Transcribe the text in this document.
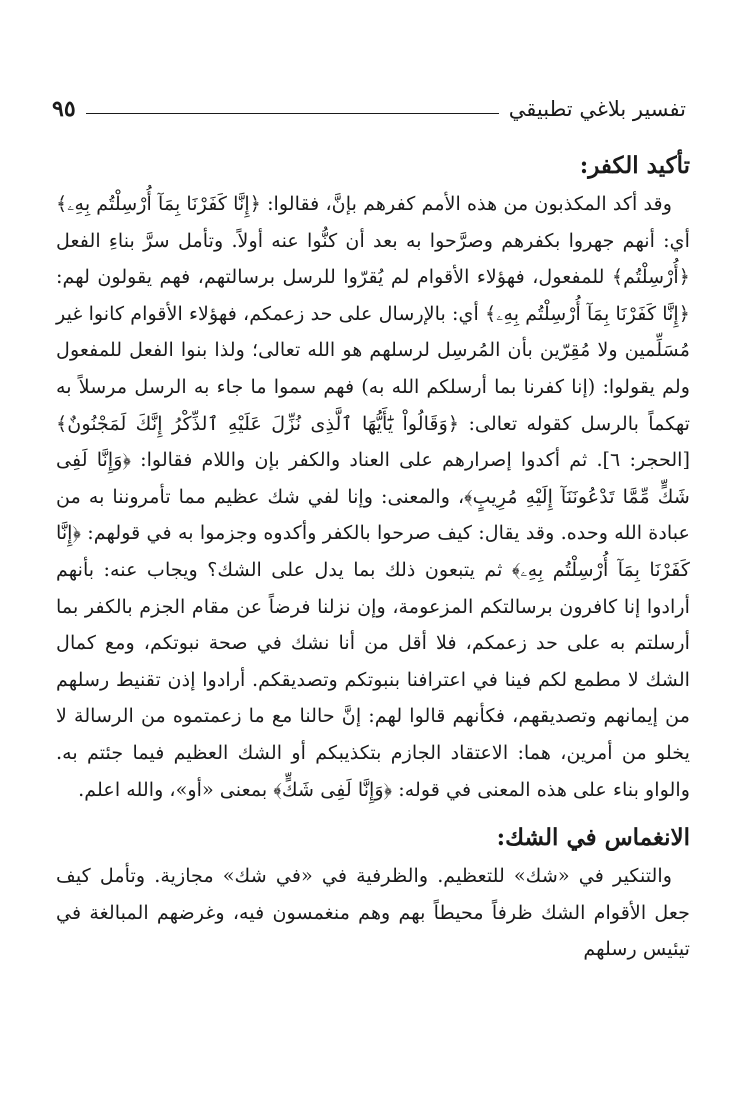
تفسير بلاغي تطبيقي
٩٥
تأكيد الكفر:

وقد أكد المكذبون من هذه الأمم كفرهم بإنَّ، فقالوا: ﴿إِنَّا كَفَرْنَا بِمَآ أُرْسِلْتُم بِهِۦ﴾ أي: أنهم جهروا بكفرهم وصرَّحوا به بعد أن كنُّوا عنه أولاً. وتأمل سرَّ بناءِ الفعل ﴿أُرْسِلْتُم﴾ للمفعول، فهؤلاء الأقوام لم يُقرّوا للرسل برسالتهم، فهم يقولون لهم: ﴿إِنَّا كَفَرْنَا بِمَآ أُرْسِلْتُم بِهِۦ﴾ أي: بالإرسال على حد زعمكم، فهؤلاء الأقوام كانوا غير مُسَلِّمين ولا مُقِرّين بأن المُرسِل لرسلهم هو الله تعالى؛ ولذا بنوا الفعل للمفعول ولم يقولوا: (إنا كفرنا بما أرسلكم الله به) فهم سموا ما جاء به الرسل مرسلاً به تهكماً بالرسل كقوله تعالى: ﴿وَقَالُواْ يَٰٓأَيُّهَا ٱلَّذِى نُزِّلَ عَلَيْهِ ٱلذِّكْرُ إِنَّكَ لَمَجْنُونٌ﴾ [الحجر: ٦]. ثم أكدوا إصرارهم على العناد والكفر بإن واللام فقالوا: ﴿وَإِنَّا لَفِى شَكٍّ مِّمَّا تَدْعُونَنَآ إِلَيْهِ مُرِيبٍ﴾، والمعنى: وإنا لفي شك عظيم مما تأمروننا به من عبادة الله وحده. وقد يقال: كيف صرحوا بالكفر وأكدوه وجزموا به في قولهم: ﴿إِنَّا كَفَرْنَا بِمَآ أُرْسِلْتُم بِهِۦ﴾ ثم يتبعون ذلك بما يدل على الشك؟ ويجاب عنه: بأنهم أرادوا إنا كافرون برسالتكم المزعومة، وإن نزلنا فرضاً عن مقام الجزم بالكفر بما أرسلتم به على حد زعمكم، فلا أقل من أنا نشك في صحة نبوتكم، ومع كمال الشك لا مطمع لكم فينا في اعترافنا بنبوتكم وتصديقكم. أرادوا إذن تقنيط رسلهم من إيمانهم وتصديقهم، فكأنهم قالوا لهم: إنَّ حالنا مع ما زعمتموه من الرسالة لا يخلو من أمرين، هما: الاعتقاد الجازم بتكذيبكم أو الشك العظيم فيما جئتم به. والواو بناء على هذه المعنى في قوله: ﴿وَإِنَّا لَفِى شَكٍّ﴾ بمعنى «أو»، والله اعلم.

الانغماس في الشك:

والتنكير في «شك» للتعظيم. والظرفية في «في شك» مجازية. وتأمل كيف جعل الأقوام الشك ظرفاً محيطاً بهم وهم منغمسون فيه، وغرضهم المبالغة في تيئيس رسلهم
